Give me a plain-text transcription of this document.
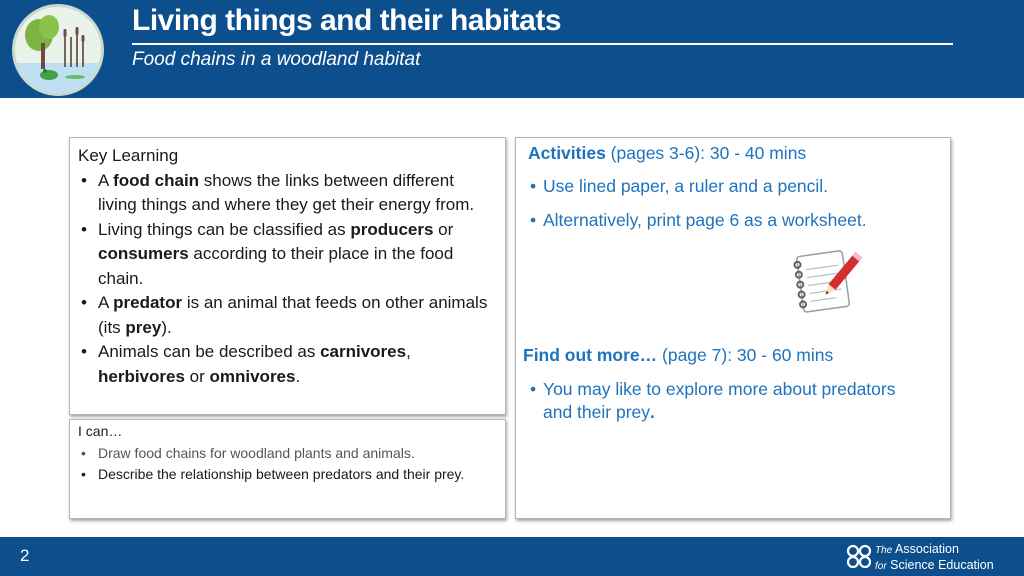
Living things and their habitats
Food chains in a woodland habitat
Key Learning
• A food chain shows the links between different living things and where they get their energy from.
• Living things can be classified as producers or consumers according to their place in the food chain.
• A predator is an animal that feeds on other animals (its prey).
• Animals can be described as carnivores, herbivores or omnivores.
I can…
• Draw food chains for woodland plants and animals.
• Describe the relationship between predators and their prey.
Activities (pages 3-6): 30 - 40 mins
• Use lined paper, a ruler and a pencil.
• Alternatively, print page 6 as a worksheet.
Find out more… (page 7): 30 - 60 mins
• You may like to explore more about predators
and their prey.
2	The Association
for Science Education
